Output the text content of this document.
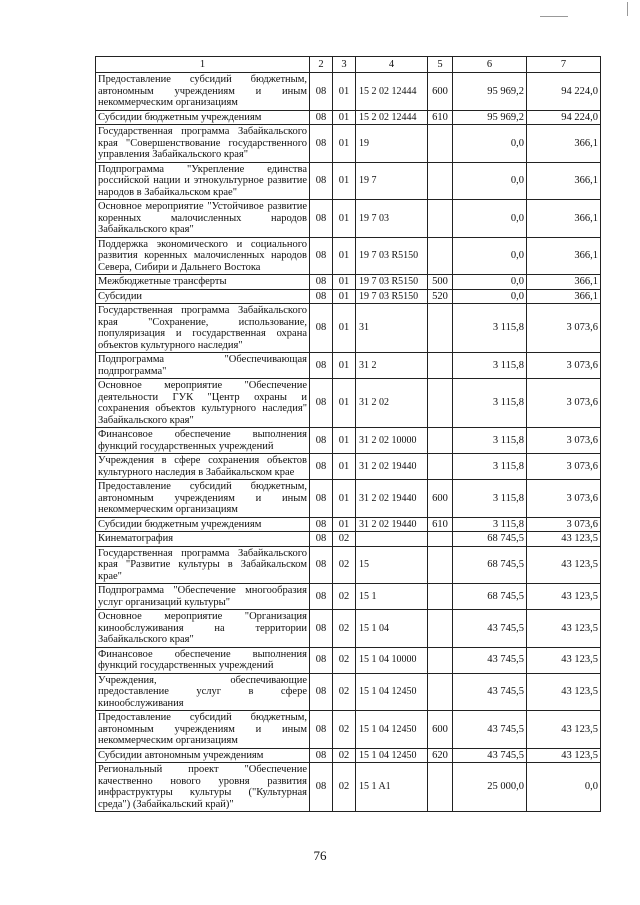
1	2	3	4	5	6	7
Предоставление субсидий бюджетным, автономным учреждениям и иным некоммерческим организациям	08	01	15 2 02 12444	600	95 969,2	94 224,0
Субсидии бюджетным учреждениям	08	01	15 2 02 12444	610	95 969,2	94 224,0
Государственная программа Забайкальского края "Совершенствование государственного управления Забайкальского края"	08	01	19		0,0	366,1
Подпрограмма "Укрепление единства российской нации и этнокультурное развитие народов в Забайкальском крае"	08	01	19 7		0,0	366,1
Основное мероприятие "Устойчивое развитие коренных малочисленных народов Забайкальского края"	08	01	19 7 03		0,0	366,1
Поддержка экономического и социального развития коренных малочисленных народов Севера, Сибири и Дальнего Востока	08	01	19 7 03 R5150		0,0	366,1
Межбюджетные трансферты	08	01	19 7 03 R5150	500	0,0	366,1
Субсидии	08	01	19 7 03 R5150	520	0,0	366,1
Государственная программа Забайкальского края "Сохранение, использование, популяризация и государственная охрана объектов культурного наследия"	08	01	31		3 115,8	3 073,6
Подпрограмма "Обеспечивающая подпрограмма"	08	01	31 2		3 115,8	3 073,6
Основное мероприятие "Обеспечение деятельности ГУК "Центр охраны и сохранения объектов культурного наследия" Забайкальского края"	08	01	31 2 02		3 115,8	3 073,6
Финансовое обеспечение выполнения функций государственных учреждений	08	01	31 2 02 10000		3 115,8	3 073,6
Учреждения в сфере сохранения объектов культурного наследия в Забайкальском крае	08	01	31 2 02 19440		3 115,8	3 073,6
Предоставление субсидий бюджетным, автономным учреждениям и иным некоммерческим организациям	08	01	31 2 02 19440	600	3 115,8	3 073,6
Субсидии бюджетным учреждениям	08	01	31 2 02 19440	610	3 115,8	3 073,6
Кинематография	08	02			68 745,5	43 123,5
Государственная программа Забайкальского края "Развитие культуры в Забайкальском крае"	08	02	15		68 745,5	43 123,5
Подпрограмма "Обеспечение многообразия услуг организаций культуры"	08	02	15 1		68 745,5	43 123,5
Основное мероприятие "Организация кинообслуживания на территории Забайкальского края"	08	02	15 1 04		43 745,5	43 123,5
Финансовое обеспечение выполнения функций государственных учреждений	08	02	15 1 04 10000		43 745,5	43 123,5
Учреждения, обеспечивающие предоставление услуг в сфере кинообслуживания	08	02	15 1 04 12450		43 745,5	43 123,5
Предоставление субсидий бюджетным, автономным учреждениям и иным некоммерческим организациям	08	02	15 1 04 12450	600	43 745,5	43 123,5
Субсидии автономным учреждениям	08	02	15 1 04 12450	620	43 745,5	43 123,5
Региональный проект "Обеспечение качественно нового уровня развития инфраструктуры культуры ("Культурная среда") (Забайкальский край)"	08	02	15 1 A1		25 000,0	0,0
76
